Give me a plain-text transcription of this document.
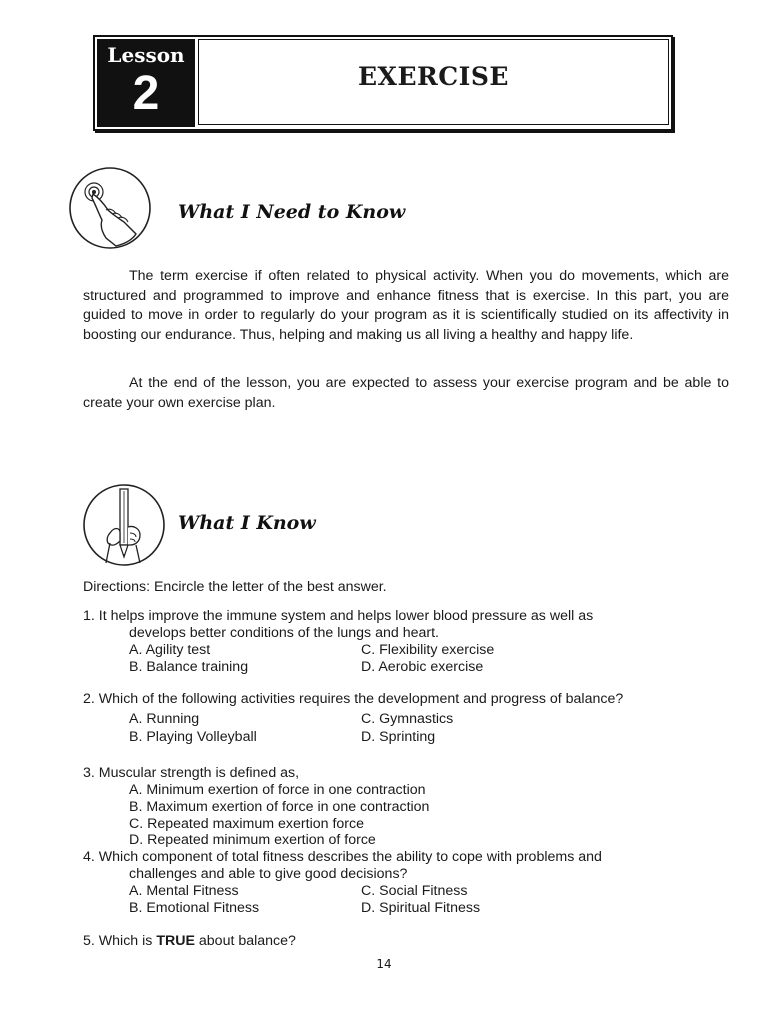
Lesson
2	EXERCISE
What I Need to Know

The term exercise if often related to physical activity. When you do movements, which are structured and programmed to improve and enhance fitness that is exercise. In this part, you are guided to move in order to regularly do your program as it is scientifically studied on its affectivity in boosting our endurance. Thus, helping and making us all living a healthy and happy life.

At the end of the lesson, you are expected to assess your exercise program and be able to create your own exercise plan.

What I Know
Directions: Encircle the letter of the best answer.
1. It helps improve the immune system and helps lower blood pressure as well as
develops better conditions of the lungs and heart.
A. Agility test	C. Flexibility exercise
B. Balance training	D. Aerobic exercise
2. Which of the following activities requires the development and progress of balance?
A. Running	C. Gymnastics
B. Playing Volleyball	D. Sprinting
3. Muscular strength is defined as,
A. Minimum exertion of force in one contraction
B. Maximum exertion of force in one contraction
C. Repeated maximum exertion force
D. Repeated minimum exertion of force
4. Which component of total fitness describes the ability to cope with problems and
challenges and able to give good decisions?
A. Mental Fitness	C. Social Fitness
B. Emotional Fitness	D. Spiritual Fitness
5. Which is TRUE about balance?
14
